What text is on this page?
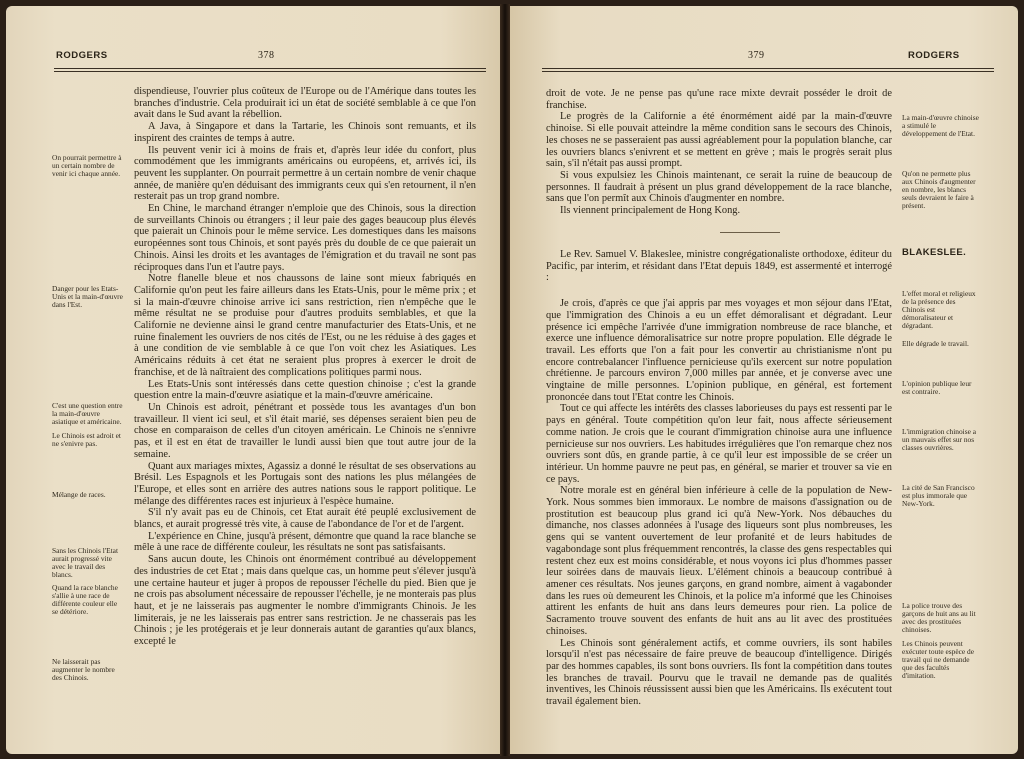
RODGERS	378
On pourrait permettre à un certain nombre de venir ici chaque année.
Danger pour les Etats-Unis et la main-d'œuvre dans l'Est.
C'est une question entre la main-d'œuvre asiatique et américaine.
Le Chinois est adroit et ne s'enivre pas.
Mélange de races.
Sans les Chinois l'Etat aurait progressé vite avec le travail des blancs.
Quand la race blanche s'allie à une race de différente couleur elle se détériore.
Ne laisserait pas augmenter le nombre des Chinois.

dispendieuse, l'ouvrier plus coûteux de l'Europe ou de l'Amérique dans toutes les branches d'industrie. Cela produirait ici un état de société semblable à ce que l'on avait dans le Sud avant la rébellion.

A Java, à Singapore et dans la Tartarie, les Chinois sont remuants, et ils inspirent des craintes de temps à autre.

Ils peuvent venir ici à moins de frais et, d'après leur idée du confort, plus commodément que les immigrants américains ou européens, et, arrivés ici, ils peuvent les supplanter. On pourrait permettre à un certain nombre de venir chaque année, de manière qu'en déduisant des immigrants ceux qui s'en retournent, il n'en resterait pas un trop grand nombre.

En Chine, le marchand étranger n'emploie que des Chinois, sous la direction de surveillants Chinois ou étrangers ; il leur paie des gages beaucoup plus élevés que paierait un Chinois pour le même service. Les domestiques dans les maisons européennes sont tous Chinois, et sont payés près du double de ce que paierait un Chinois. Ainsi les droits et les avantages de l'émigration et du travail ne sont pas réciproques dans l'un et l'autre pays.

Notre flanelle bleue et nos chaussons de laine sont mieux fabriqués en Californie qu'on peut les faire ailleurs dans les Etats-Unis, pour le même prix ; et si la main-d'œuvre chinoise arrive ici sans restriction, rien n'empêche que le même résultat ne se produise pour d'autres produits semblables, et que la Californie ne devienne ainsi le grand centre manufacturier des Etats-Unis, et ne ruine finalement les ouvriers de nos cités de l'Est, ou ne les réduise à des gages et à une condition de vie semblable à ce que l'on voit chez les Asiatiques. Les Américains réduits à cet état ne seraient plus propres à exercer le droit de franchise, et de là naîtraient des complications politiques parmi nous.

Les Etats-Unis sont intéressés dans cette question chinoise ; c'est la grande question entre la main-d'œuvre asiatique et la main-d'œuvre américaine.

Un Chinois est adroit, pénétrant et possède tous les avantages d'un bon travailleur. Il vient ici seul, et s'il était marié, ses dépenses seraient bien peu de chose en comparaison de celles d'un citoyen américain. Le Chinois ne s'ennivre pas, et il est en état de travailler le lundi aussi bien que tout autre jour de la semaine.

Quant aux mariages mixtes, Agassiz a donné le résultat de ses observations au Brésil. Les Espagnols et les Portugais sont des nations les plus mélangées de l'Europe, et elles sont en arrière des autres nations sous le rapport politique. Le mélange des différentes races est injurieux à l'espèce humaine.

S'il n'y avait pas eu de Chinois, cet Etat aurait été peuplé exclusivement de blancs, et aurait progressé très vite, à cause de l'abondance de l'or et de l'argent.

L'expérience en Chine, jusqu'à présent, démontre que quand la race blanche se mêle à une race de différente couleur, les résultats ne sont pas satisfaisants.

Sans aucun doute, les Chinois ont énormément contribué au développement des industries de cet Etat ; mais dans quelque cas, un homme peut s'élever jusqu'à une certaine hauteur et juger à propos de repousser l'échelle du pied. Bien que je ne crois pas absolument nécessaire de repousser l'échelle, je ne monterais pas plus haut, et je ne laisserais pas augmenter le nombre d'immigrants Chinois. Je les limiterais, je ne les laisserais pas entrer sans restriction. Je ne chasserais pas les Chinois ; je les protégerais et je leur donnerais autant de garanties qu'aux blancs, excepté le

379	RODGERS

droit de vote. Je ne pense pas qu'une race mixte devrait posséder le droit de franchise.

Le progrès de la Californie a été énormément aidé par la main-d'œuvre chinoise. Si elle pouvait atteindre la même condition sans le secours des Chinois, les choses ne se passeraient pas aussi agréablement pour la population blanche, car les ouvriers blancs s'enivrent et se mettent en grève ; mais le progrès serait plus sain, s'il n'était pas aussi prompt.

Si vous expulsiez les Chinois maintenant, ce serait la ruine de beaucoup de personnes. Il faudrait à présent un plus grand développement de la race blanche, sans que l'on permît aux Chinois d'augmenter en nombre.

Ils viennent principalement de Hong Kong.

La main-d'œuvre chinoise a stimulé le développement de l'Etat.
Qu'on ne permette plus aux Chinois d'augmenter en nombre, les blancs seuls devraient le faire à présent.
BLAKESLEE.

Le Rev. Samuel V. Blakeslee, ministre congrégationaliste orthodoxe, éditeur du Pacific, par interim, et résidant dans l'Etat depuis 1849, est assermenté et interrogé :

Je crois, d'après ce que j'ai appris par mes voyages et mon séjour dans l'Etat, que l'immigration des Chinois a eu un effet démoralisant et dégradant. Leur présence ici empêche l'arrivée d'une immigration nombreuse de race blanche, et exerce une influence démoralisatrice sur notre propre population. Elle dégrade le travail. Les efforts que l'on a fait pour les convertir au christianisme n'ont pu encore contrebalancer l'influence pernicieuse qu'ils exercent sur notre population chrétienne. Je parcours environ 7,000 milles par année, et je converse avec une vingtaine de mille personnes. L'opinion publique, en général, est fortement prononcée dans tout l'Etat contre les Chinois.

Tout ce qui affecte les intérêts des classes laborieuses du pays est ressenti par le pays en général. Toute compétition qu'on leur fait, nous affecte sérieusement comme nation. Je crois que le courant d'immigration chinoise aura une influence pernicieuse sur nos ouvriers. Les habitudes irrégulières que l'on remarque chez nos ouvriers sont dûs, en grande partie, à ce qu'il leur est impossible de se créer un intérieur. Un homme pauvre ne peut pas, en général, se marier et trouver sa vie en ce pays.

Notre morale est en général bien inférieure à celle de la population de New-York. Nous sommes bien immoraux. Le nombre de maisons d'assignation ou de prostitution est beaucoup plus grand ici qu'à New-York. Nos débauches du dimanche, nos classes adonnées à l'usage des liqueurs sont plus nombreuses, les gens qui se vantent ouvertement de leur profanité et de leurs habitudes de vagabondage sont plus fréquemment rencontrés, la classe des gens respectables qui restent chez eux est moins considérable, et nous voyons ici plus d'hommes passer leur soirées dans de mauvais lieux. L'élément chinois a beaucoup contribué à amener ces résultats. Nos jeunes garçons, en grand nombre, aiment à vagabonder dans les rues où demeurent les Chinois, et la police m'a informé que les Chinoises attirent les enfants de huit ans dans leurs demeures pour rien. La police de Sacramento trouve souvent des enfants de huit ans au lit avec des prostituées chinoises.

Les Chinois sont généralement actifs, et comme ouvriers, ils sont habiles lorsqu'il n'est pas nécessaire de faire preuve de beaucoup d'intelligence. Dirigés par des hommes capables, ils sont bons ouvriers. Ils font la compétition dans toutes les branches de travail. Pourvu que le travail ne demande pas de qualités inventives, les Chinois réussissent aussi bien que les Américains. Ils exécutent tout travail également bien.

L'effet moral et religieux de la présence des Chinois est démoralisateur et dégradant.
Elle dégrade le travail.
L'opinion publique leur est contraire.
L'immigration chinoise a un mauvais effet sur nos classes ouvrières.
La cité de San Francisco est plus immorale que New-York.
La police trouve des garçons de huit ans au lit avec des prostituées chinoises.
Les Chinois peuvent exécuter toute espèce de travail qui ne demande que des facultés d'imitation.
